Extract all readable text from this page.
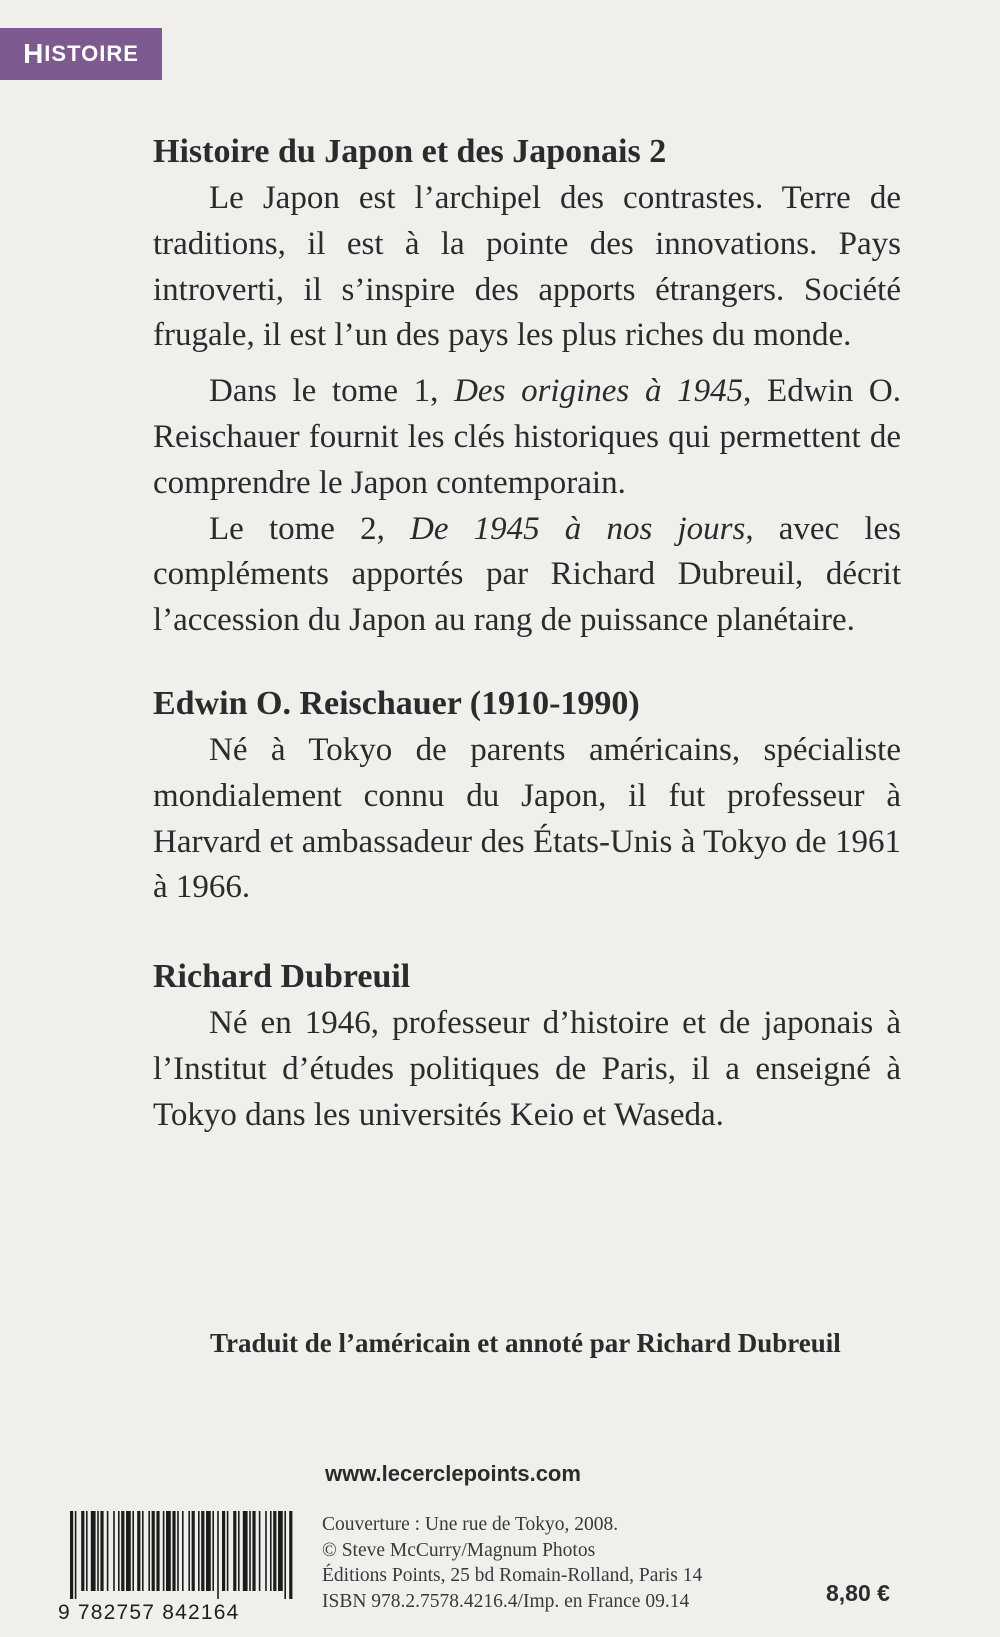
H ISTOIRE
Histoire du Japon et des Japonais 2

Le Japon est l’archipel des contrastes. Terre de traditions, il est à la pointe des innovations. Pays introverti, il s’inspire des apports étrangers. Société frugale, il est l’un des pays les plus riches du monde.

Dans le tome 1, Des origines à 1945, Edwin O. Reischauer fournit les clés historiques qui permettent de comprendre le Japon contemporain.

Le tome 2, De 1945 à nos jours, avec les compléments apportés par Richard Dubreuil, décrit l’accession du Japon au rang de puissance planétaire.

Edwin O. Reischauer (1910-1990)

Né à Tokyo de parents américains, spécialiste mondialement connu du Japon, il fut professeur à Harvard et ambassadeur des États-Unis à Tokyo de 1961 à 1966.

Richard Dubreuil

Né en 1946, professeur d’histoire et de japonais à l’Institut d’études politiques de Paris, il a enseigné à Tokyo dans les universités Keio et Waseda.

Traduit de l’américain et annoté par Richard Dubreuil
www.lecerclepoints.com
9 782757 842164
Couverture : Une rue de Tokyo, 2008.
© Steve McCurry/Magnum Photos
Éditions Points, 25 bd Romain-Rolland, Paris 14
ISBN 978.2.7578.4216.4/Imp. en France 09.14	8,80 €
